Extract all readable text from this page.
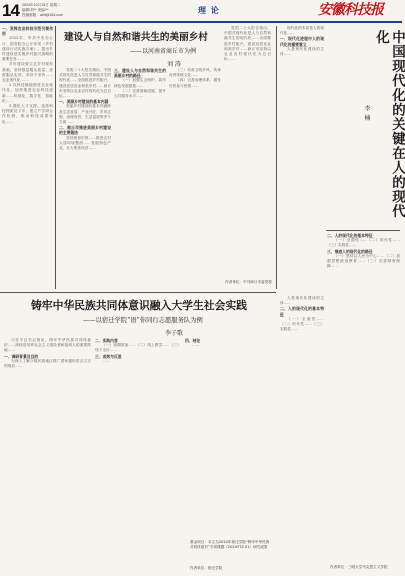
14 2024年10月15日 星期二
编辑/刘** 美编/**
投稿邮箱：ahlt@163.com	理 论	安徽科技报

一、发挥农业科技示范引领作用

2022年，中共中央办公厅、国务院办公厅印发《乡村建设行动实施方案》，提出乡村建设是实施乡村振兴战略的重要任务……

乡村建设要立足乡村现有基础，坚持数量服从质量、进度服从实效，求好不求快……农业现代化……

2.以科技赋能推进农业现代化。加快推进农业科技创新……机械化、数字化、智能化……

3.强化人才支撑。选派科技特派员下乡，建立产学研合作机制，推动科技成果转化……

建设人与自然和谐共生的美丽乡村
——以河南省商丘市为例
刘 涛

党的二十大报告指出，中国式现代化是人与自然和谐共生的现代化……全面推进乡村振兴，建设宜居宜业和美乡村……商丘市坚持以农业农村现代化为总目标……

一、美丽乡村建设的基本内涵

美丽乡村建设的基本内涵涉及生态宜居、产业兴旺、乡风文明、治理有效、生活富裕等多个方面……

二、商丘市推进美丽乡村建设的主要做法

坚持规划引领……推进农村人居环境整治……发展特色产业，壮大集体经济……

三、建设人与自然和谐共生的美丽乡村的路径

（一）加强生态保护，筑牢绿色发展根基……

（二）完善基础设施，提升公共服务水平……

（三）培育文明乡风，传承优秀传统文化……

（四）完善治理体系，激发村民参与热情……

党的二十大报告指出，中国式现代化是人与自然和谐共生的现代化……全面推进乡村振兴，建设宜居宜业和美乡村……商丘市坚持以农业农村现代化为总目标……

作者单位：中共商丘市委党校

现代化的本质是人的现代化……

一、现代化进程中人的现代化的重要意义

人是现代化建设的主体……	中国现代化的关键在人的现代化
李 楠

二、人的现代化的基本特征

（一）全面性……（二）时代性……（三）实践性……

三、推进人的现代化的路径

（一）坚持以人民为中心……（二）加强思想政治教育……（三）完善制度保障……

人是现代化建设的主体……

二、人的现代化的基本特征

（一）全面性……（二）时代性……（三）实践性……

作者单位：三明大学马克思主义学院
铸牢中华民族共同体意识融入大学生社会实践
——以宿迁学院“语”你同行志愿服务队为例
李子歌

习近平总书记指出，铸牢中华民族共同体意识……高校是培养社会主义建设者和接班人的重要阵地……

一、调研背景及目的

为深入了解少数民族地区推广国家通用语言文字的现状……

二、实践内容

（一）前期准备……（二）线上教学……（三）线下走访……

三、成效与反思

……

四、结论

……

基金项目：本文为2024年宿迁学院“铸牢中华民族共同体意识”专项课题（2024YTZ-01）研究成果
作者单位：宿迁学院
